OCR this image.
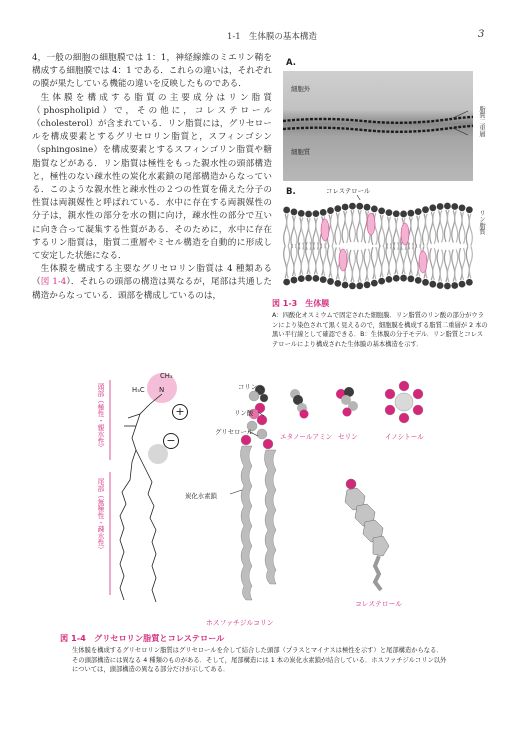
1-1 生体膜の基本構造	3

4，一般の細胞の細胞膜では 1：1，神経線維のミエリン鞘を構成する細胞膜では 4：1 である．これらの違いは，それぞれの膜が果たしている機能の違いを反映したものである．

生体膜を構成する脂質の主要成分はリン脂質（phospholipid）で，その他に，コレステロール（cholesterol）が含まれている．リン脂質には，グリセロールを構成要素とするグリセロリン脂質と，スフィンゴシン（sphingosine）を構成要素とするスフィンゴリン脂質や糖脂質などがある．リン脂質は極性をもった親水性の頭部構造と，極性のない疎水性の炭化水素鎖の尾部構造からなっている．このような親水性と疎水性の２つの性質を備えた分子の性質は両親媒性と呼ばれている．水中に存在する両親媒性の分子は，親水性の部分を水の側に向け，疎水性の部分で互いに向き合って凝集する性質がある．そのために，水中に存在するリン脂質は，脂質二重層やミセル構造を自動的に形成して安定した状態になる．

生体膜を構成する主要なグリセロリン脂質は 4 種類ある（図 1-4）．それらの頭部の構造は異なるが，尾部は共通した構造からなっている．頭部を構成しているのは，

A.
細胞外
細胞質
脂質二重層
B.	コレステロール
リン脂質
図 1-3　生体膜
A：四酸化オスミウムで固定された細胞膜．リン脂質のリン酸の部分がウランにより染色されて黒く見えるので，細胞膜を構成する脂質二重層が 2 本の黒い平行線として確認できる．B：生体膜の分子モデル．リン脂質とコレステロールにより構成された生体膜の基本構造を示す．
H₃C
CH₃
N
+
−
頭部（極性・親水性）
尾部（無極性・疎水性）
コリン
リン酸
グリセロール
炭化水素鎖
エタノールアミン セリン	イノシトール
コレステロール
ホスファチジルコリン
図 1-4　グリセロリン脂質とコレステロール
生体膜を構成するグリセロリン脂質はグリセロールを介して結合した頭部（プラスとマイナスは極性を示す）と尾部構造からなる．その頭部構造には異なる 4 種類のものがある．そして，尾部構造には 1 本の炭化水素鎖が結合している．ホスファチジルコリン以外については，頭部構造の異なる部分だけが示してある．
